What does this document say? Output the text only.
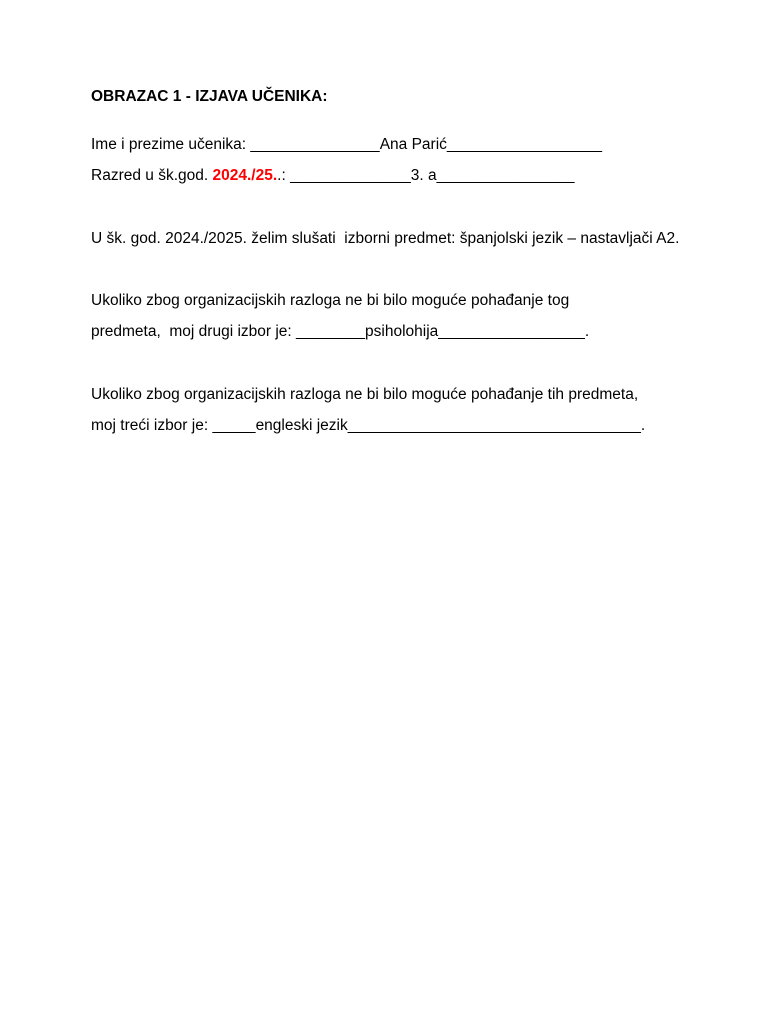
OBRAZAC 1 - IZJAVA UČENIKA:
Ime i prezime učenika: _______________Ana Parić__________________
Razred u šk.god. 2024./25..: ______________3. a________________
U šk. god. 2024./2025. želim slušati  izborni predmet: španjolski jezik – nastavljači A2.
Ukoliko zbog organizacijskih razloga ne bi bilo moguće pohađanje tog
predmeta,  moj drugi izbor je: ________psiholohija_________________.
Ukoliko zbog organizacijskih razloga ne bi bilo moguće pohađanje tih predmeta,
moj treći izbor je: _____engleski jezik__________________________________.
